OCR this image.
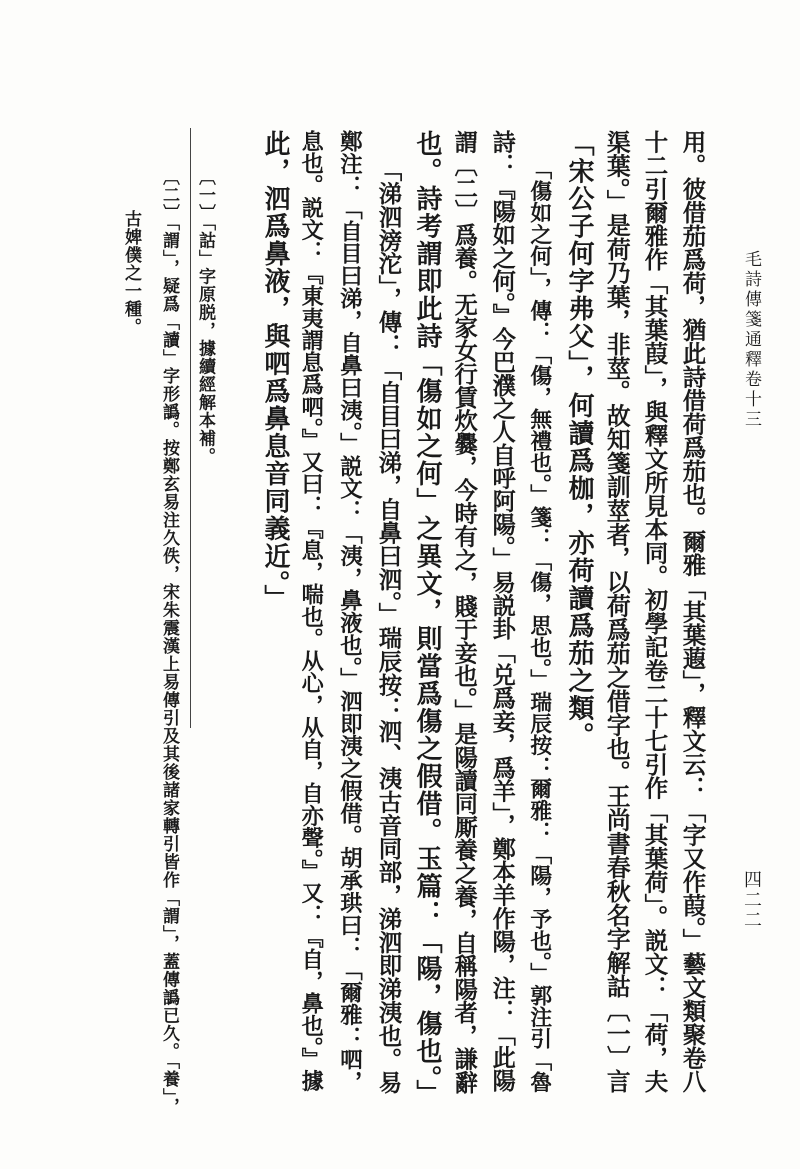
毛詩傳箋通釋卷十三
四二二
用。彼借茄爲荷，猶此詩借荷爲茄也。爾雅「其葉蕸」，釋文云：「字又作葭。」藝文類聚卷八
十二引爾雅作「其葉葭」，與釋文所見本同。初學記卷二十七引作「其葉荷」。説文：「荷，夫
渠葉。」是荷乃葉，非莖。故知箋訓莖者，以荷爲茄之借字也。王尚書春秋名字解詁〔一〕言
「宋公子何字弗父」，何讀爲枷，亦荷讀爲茄之類。
「傷如之何」，傳：「傷，無禮也。」箋：「傷，思也。」瑞辰按：爾雅：「陽，予也。」郭注引「魯
詩：『陽如之何。』今巴濮之人自呼阿陽。」易説卦「兑爲妾，爲羊」，鄭本羊作陽，注：「此陽
謂〔二〕爲養。无家女行賃炊爨，今時有之，賤于妾也。」是陽讀同厮養之養，自稱陽者，謙辭
也。詩考謂即此詩「傷如之何」之異文，則當爲傷之假借。玉篇：「陽，傷也。」
「涕泗滂沱」，傳：「自目曰涕，自鼻曰泗。」瑞辰按：泗、洟古音同部，涕泗即涕洟也。易
鄭注：「自目曰涕，自鼻曰洟。」説文：「洟，鼻液也。」泗即洟之假借。胡承珙曰：「爾雅：呬，
息也。説文：『東夷謂息爲呬。』又曰：『息，喘也。从心，从自，自亦聲。』又：『自，鼻也。』據
此，泗爲鼻液，與呬爲鼻息音同義近。」
〔一〕「詁」字原脱，據續經解本補。
〔二〕「謂」，疑爲「讀」字形譌。按鄭玄易注久佚，宋朱震漢上易傳引及其後諸家轉引皆作「謂」，蓋傳譌已久。「養」，
古婢僕之一種。
